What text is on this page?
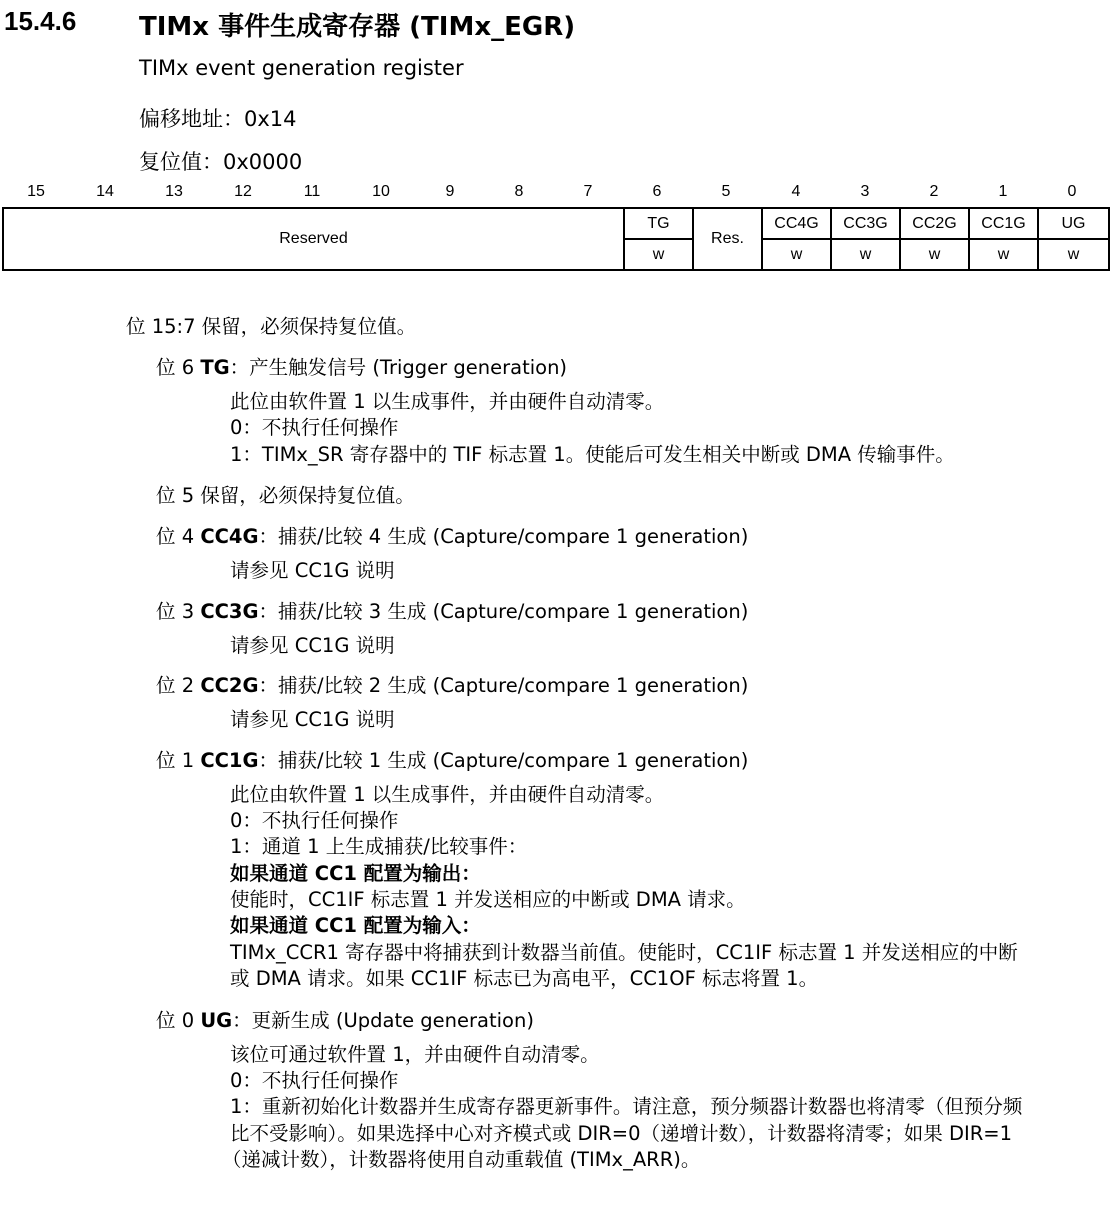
15.4.6 TIMx 事件生成寄存器 (TIMx_EGR)
TIMx event generation register
偏移地址：0x14
复位值：0x0000
15	14	13	12	11	10	9	8	7	6	5	4	3	2	1	0
Reserved	TG	Res.	CC4G	CC3G	CC2G	CC1G	UG
	w		w	w	w	w	w
位 15:7 保留，必须保持复位值。
位 6 TG：产生触发信号 (Trigger generation)
此位由软件置 1 以生成事件，并由硬件自动清零。
0：不执行任何操作
1：TIMx_SR 寄存器中的 TIF 标志置 1。使能后可发生相关中断或 DMA 传输事件。
位 5 保留，必须保持复位值。
位 4 CC4G：捕获/比较 4 生成 (Capture/compare 1 generation)
请参见 CC1G 说明
位 3 CC3G：捕获/比较 3 生成 (Capture/compare 1 generation)
请参见 CC1G 说明
位 2 CC2G：捕获/比较 2 生成 (Capture/compare 1 generation)
请参见 CC1G 说明
位 1 CC1G：捕获/比较 1 生成 (Capture/compare 1 generation)
此位由软件置 1 以生成事件，并由硬件自动清零。
0：不执行任何操作
1：通道 1 上生成捕获/比较事件：
如果通道 CC1 配置为输出：
使能时，CC1IF 标志置 1 并发送相应的中断或 DMA 请求。
如果通道 CC1 配置为输入：
TIMx_CCR1 寄存器中将捕获到计数器当前值。使能时，CC1IF 标志置 1 并发送相应的中断
或 DMA 请求。如果 CC1IF 标志已为高电平，CC1OF 标志将置 1。
位 0 UG：更新生成 (Update generation)
该位可通过软件置 1，并由硬件自动清零。
0：不执行任何操作
1：重新初始化计数器并生成寄存器更新事件。请注意，预分频器计数器也将清零（但预分频
比不受影响）。如果选择中心对齐模式或 DIR=0（递增计数），计数器将清零；如果 DIR=1
（递减计数），计数器将使用自动重载值 (TIMx_ARR)。
